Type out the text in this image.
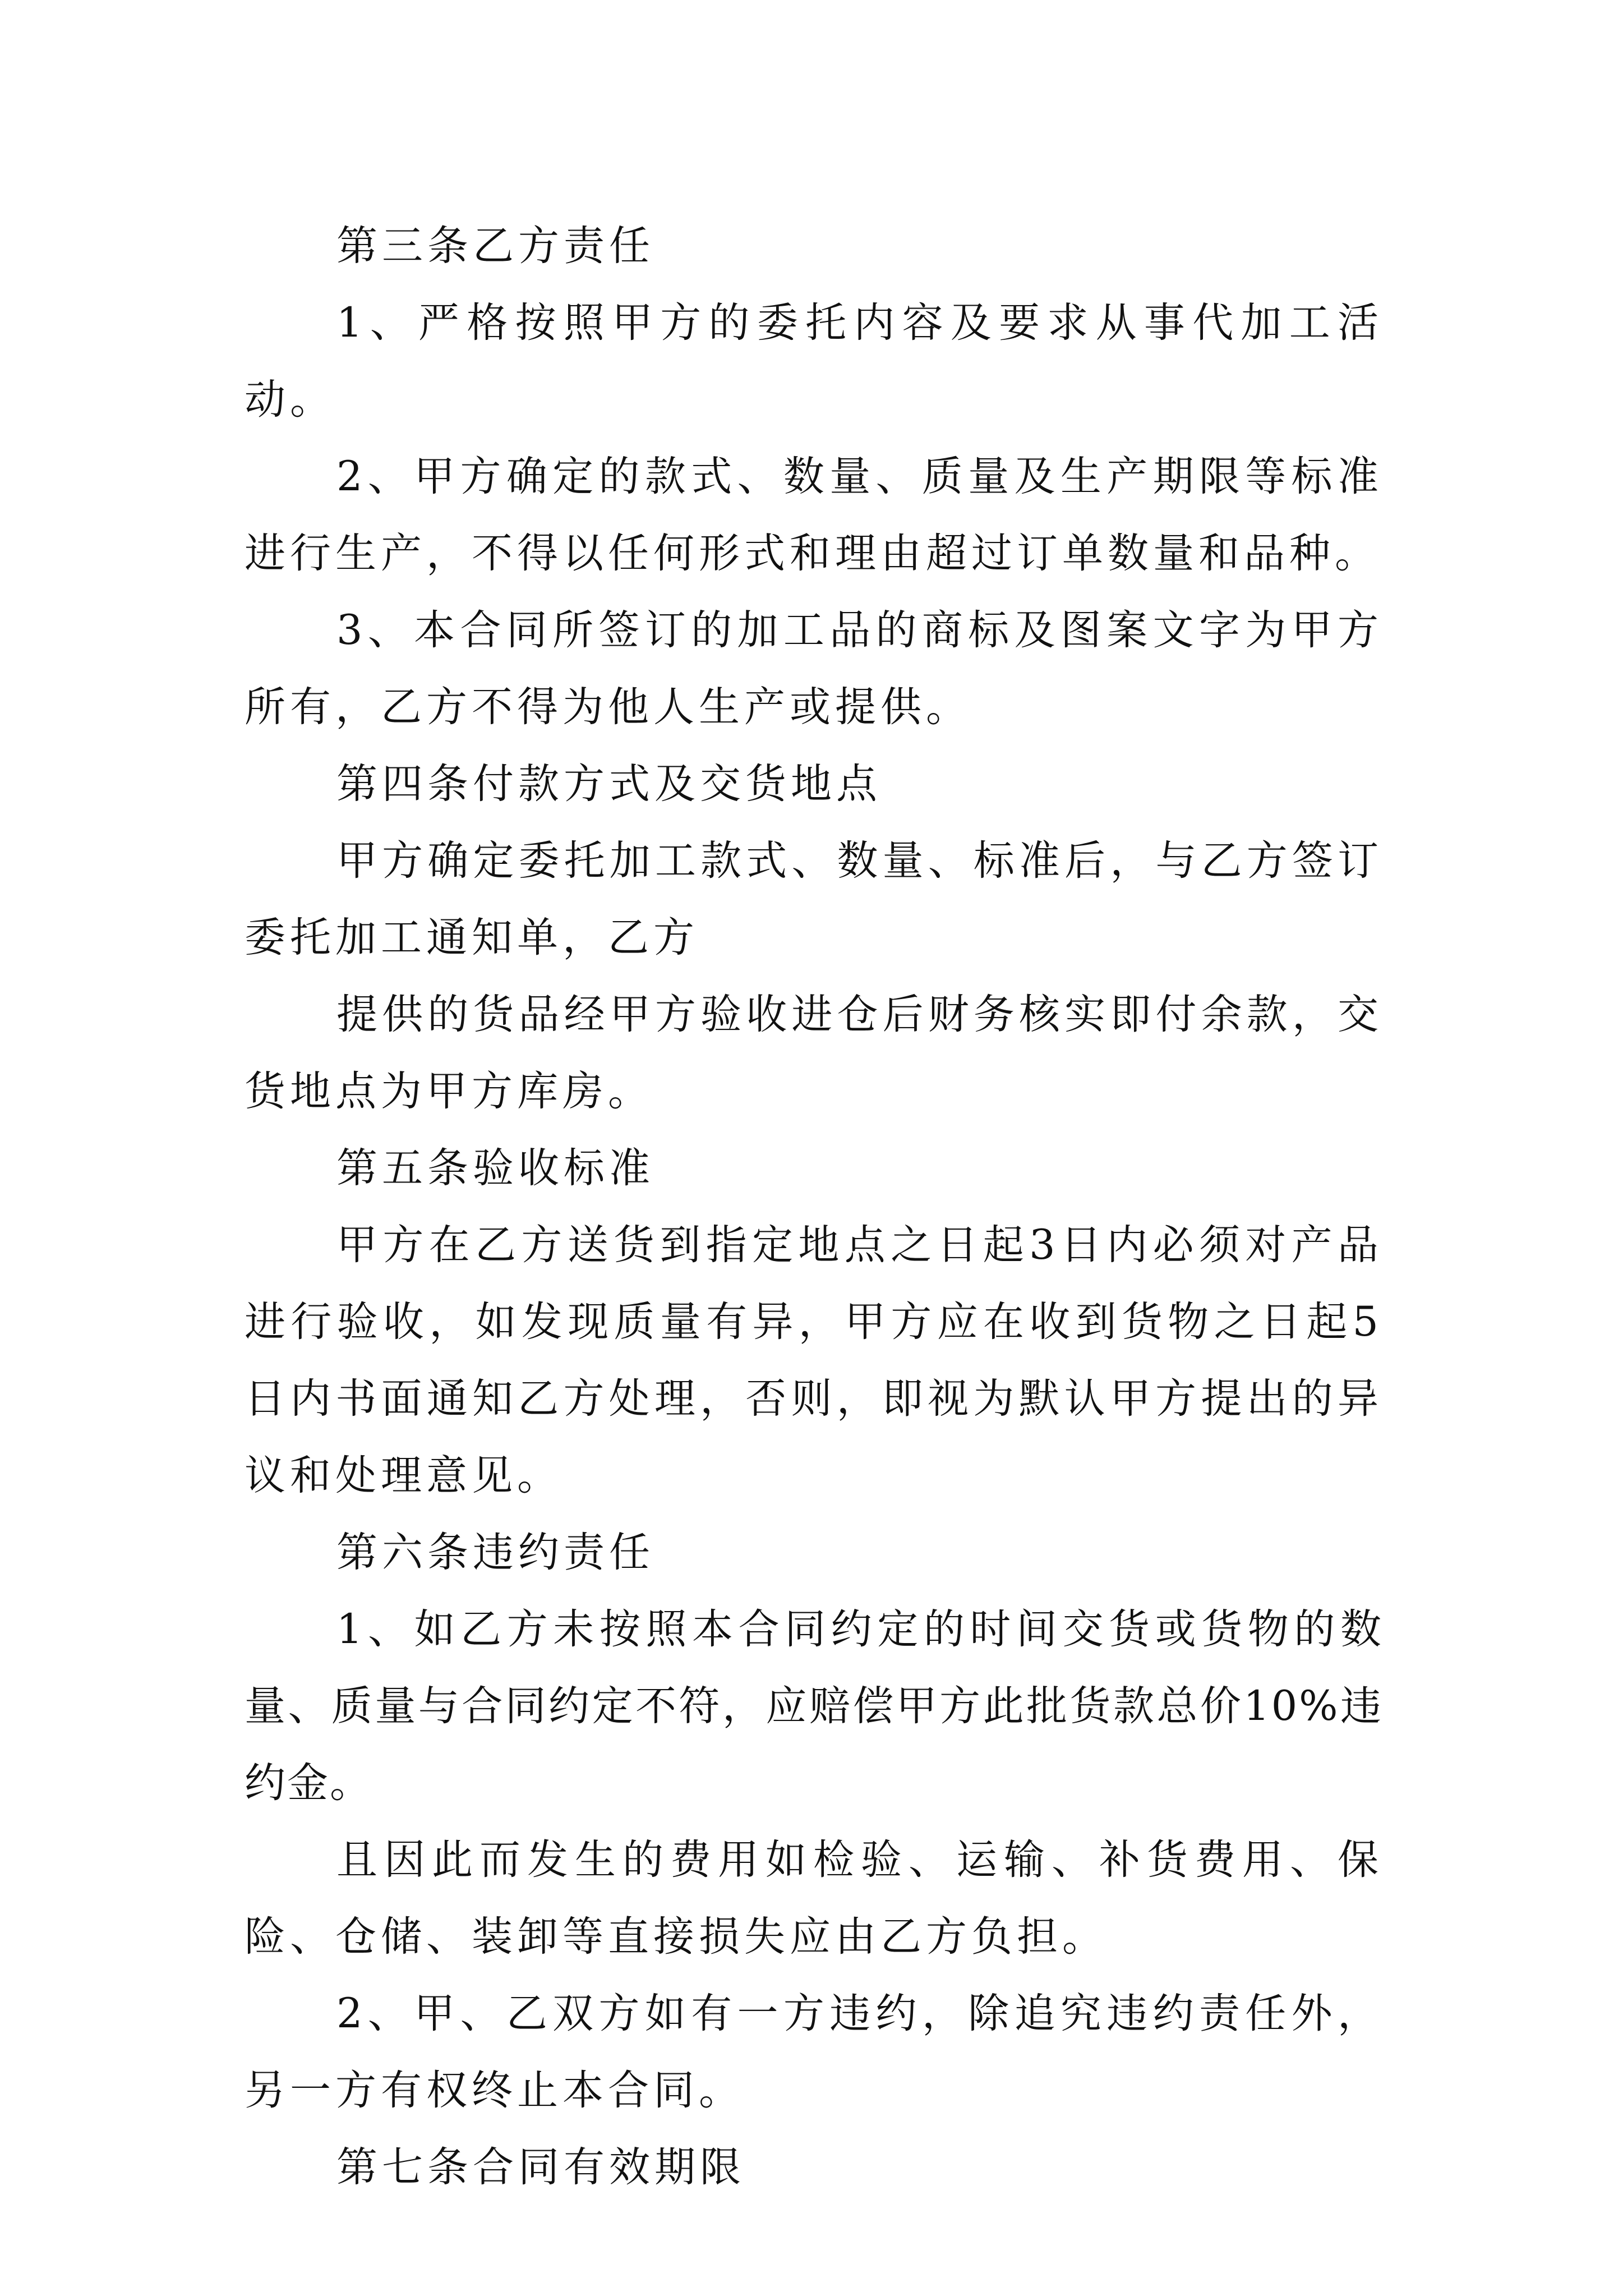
第三条乙方责任

1、严格按照甲方的委托内容及要求从事代加工活动。

2、甲方确定的款式、数量、质量及生产期限等标准进行生产，不得以任何形式和理由超过订单数量和品种。

3、本合同所签订的加工品的商标及图案文字为甲方所有，乙方不得为他人生产或提供。

第四条付款方式及交货地点

甲方确定委托加工款式、数量、标准后，与乙方签订委托加工通知单，乙方

提供的货品经甲方验收进仓后财务核实即付余款，交货地点为甲方库房。

第五条验收标准

甲方在乙方送货到指定地点之日起3日内必须对产品进行验收，如发现质量有异，甲方应在收到货物之日起5日内书面通知乙方处理，否则，即视为默认甲方提出的异议和处理意见。

第六条违约责任

1、如乙方未按照本合同约定的时间交货或货物的数量、质量与合同约定不符，应赔偿甲方此批货款总价10%违约金。

且因此而发生的费用如检验、运输、补货费用、保险、仓储、装卸等直接损失应由乙方负担。

2、甲、乙双方如有一方违约，除追究违约责任外，另一方有权终止本合同。

第七条合同有效期限
